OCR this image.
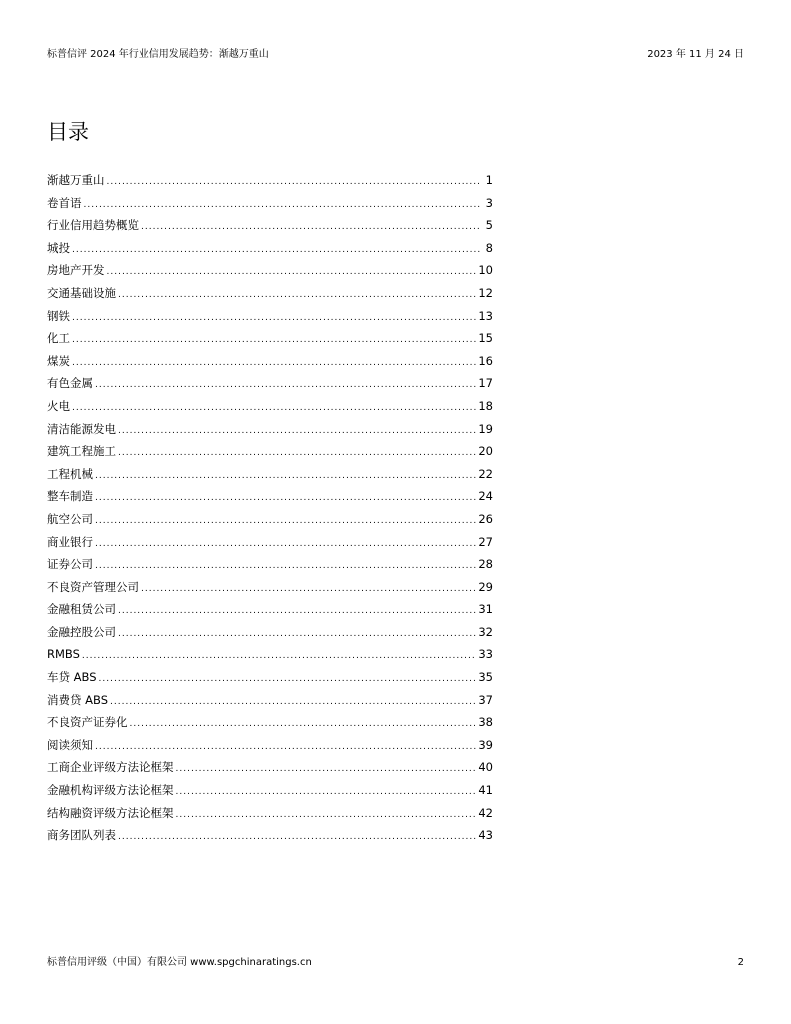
标普信评 2024 年行业信用发展趋势：渐越万重山	2023 年 11 月 24 日
目录
渐越万重山 .....	1
卷首语 .....	3
行业信用趋势概览 .....	5
城投 .....	8
房地产开发 .....	10
交通基础设施 .....	12
钢铁 .....	13
化工 .....	15
煤炭 .....	16
有色金属 .....	17
火电 .....	18
清洁能源发电 .....	19
建筑工程施工 .....	20
工程机械 .....	22
整车制造 .....	24
航空公司 .....	26
商业银行 .....	27
证券公司 .....	28
不良资产管理公司 .....	29
金融租赁公司 .....	31
金融控股公司 .....	32
RMBS .....	33
车贷 ABS .....	35
消费贷 ABS .....	37
不良资产证券化 .....	38
阅读须知 .....	39
工商企业评级方法论框架 .....	40
金融机构评级方法论框架 .....	41
结构融资评级方法论框架 .....	42
商务团队列表 .....	43
标普信用评级（中国）有限公司 www.spgchinaratings.cn	2
